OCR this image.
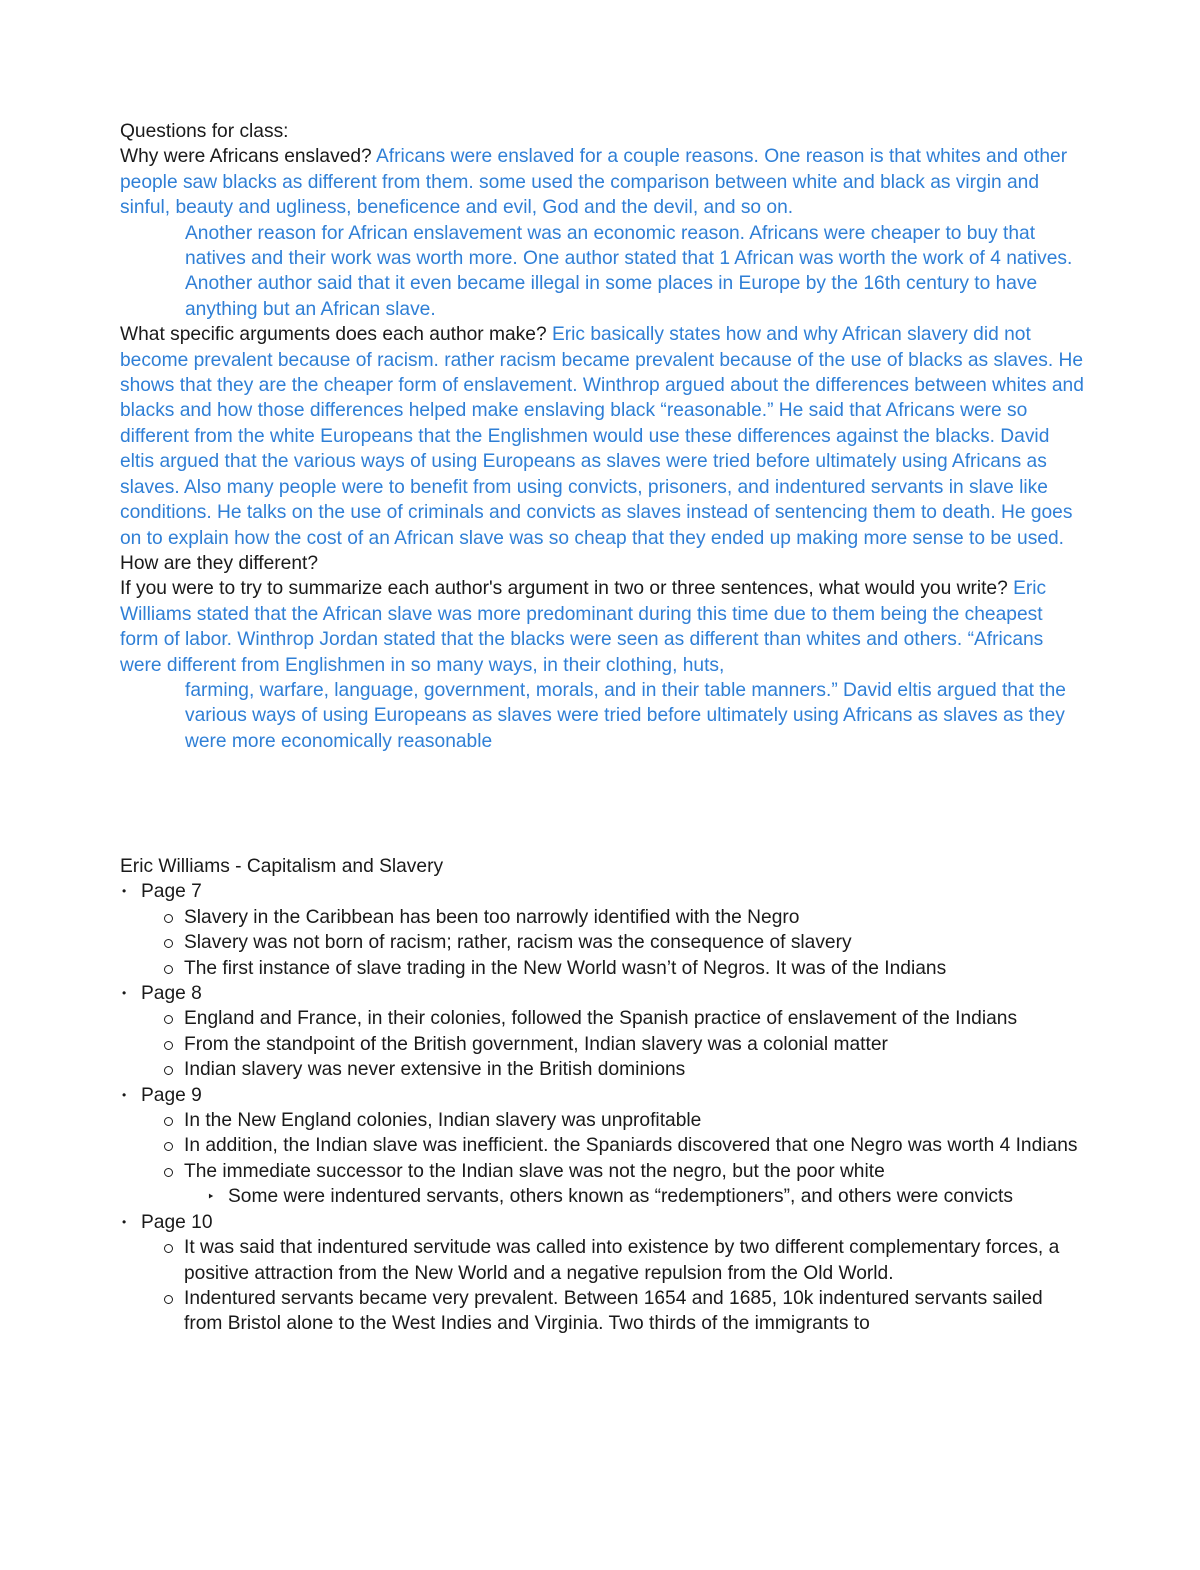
Questions for class:

Why were Africans enslaved? Africans were enslaved for a couple reasons. One reason is that whites and other people saw blacks as different from them. some used the comparison between white and black as virgin and sinful, beauty and ugliness, beneficence and evil, God and the devil, and so on.

Another reason for African enslavement was an economic reason. Africans were cheaper to buy that natives and their work was worth more. One author stated that 1 African was worth the work of 4 natives. Another author said that it even became illegal in some places in Europe by the 16th century to have anything but an African slave.

What specific arguments does each author make? Eric basically states how and why African slavery did not become prevalent because of racism. rather racism became prevalent because of the use of blacks as slaves. He shows that they are the cheaper form of enslavement. Winthrop argued about the differences between whites and blacks and how those differences helped make enslaving black “reasonable.” He said that Africans were so different from the white Europeans that the Englishmen would use these differences against the blacks. David eltis argued that the various ways of using Europeans as slaves were tried before ultimately using Africans as slaves. Also many people were to benefit from using convicts, prisoners, and indentured servants in slave like conditions. He talks on the use of criminals and convicts as slaves instead of sentencing them to death. He goes on to explain how the cost of an African slave was so cheap that they ended up making more sense to be used.

How are they different?

If you were to try to summarize each author's argument in two or three sentences, what would you write? Eric Williams stated that the African slave was more predominant during this time due to them being the cheapest form of labor. Winthrop Jordan stated that the blacks were seen as different than whites and others. “Africans were different from Englishmen in so many ways, in their clothing, huts,

farming, warfare, language, government, morals, and in their table manners.” David eltis argued that the various ways of using Europeans as slaves were tried before ultimately using Africans as slaves as they were more economically reasonable

Eric Williams - Capitalism and Slavery

• Page 7
Slavery in the Caribbean has been too narrowly identified with the Negro
Slavery was not born of racism; rather, racism was the consequence of slavery
The first instance of slave trading in the New World wasn’t of Negros. It was of the Indians
• Page 8
England and France, in their colonies, followed the Spanish practice of enslavement of the Indians
From the standpoint of the British government, Indian slavery was a colonial matter
Indian slavery was never extensive in the British dominions
• Page 9
In the New England colonies, Indian slavery was unprofitable
In addition, the Indian slave was inefficient. the Spaniards discovered that one Negro was worth 4 Indians
The immediate successor to the Indian slave was not the negro, but the poor white
‣ Some were indentured servants, others known as “redemptioners”, and others were convicts
• Page 10
It was said that indentured servitude was called into existence by two different complementary forces, a positive attraction from the New World and a negative repulsion from the Old World.
Indentured servants became very prevalent. Between 1654 and 1685, 10k indentured servants sailed from Bristol alone to the West Indies and Virginia. Two thirds of the immigrants to
